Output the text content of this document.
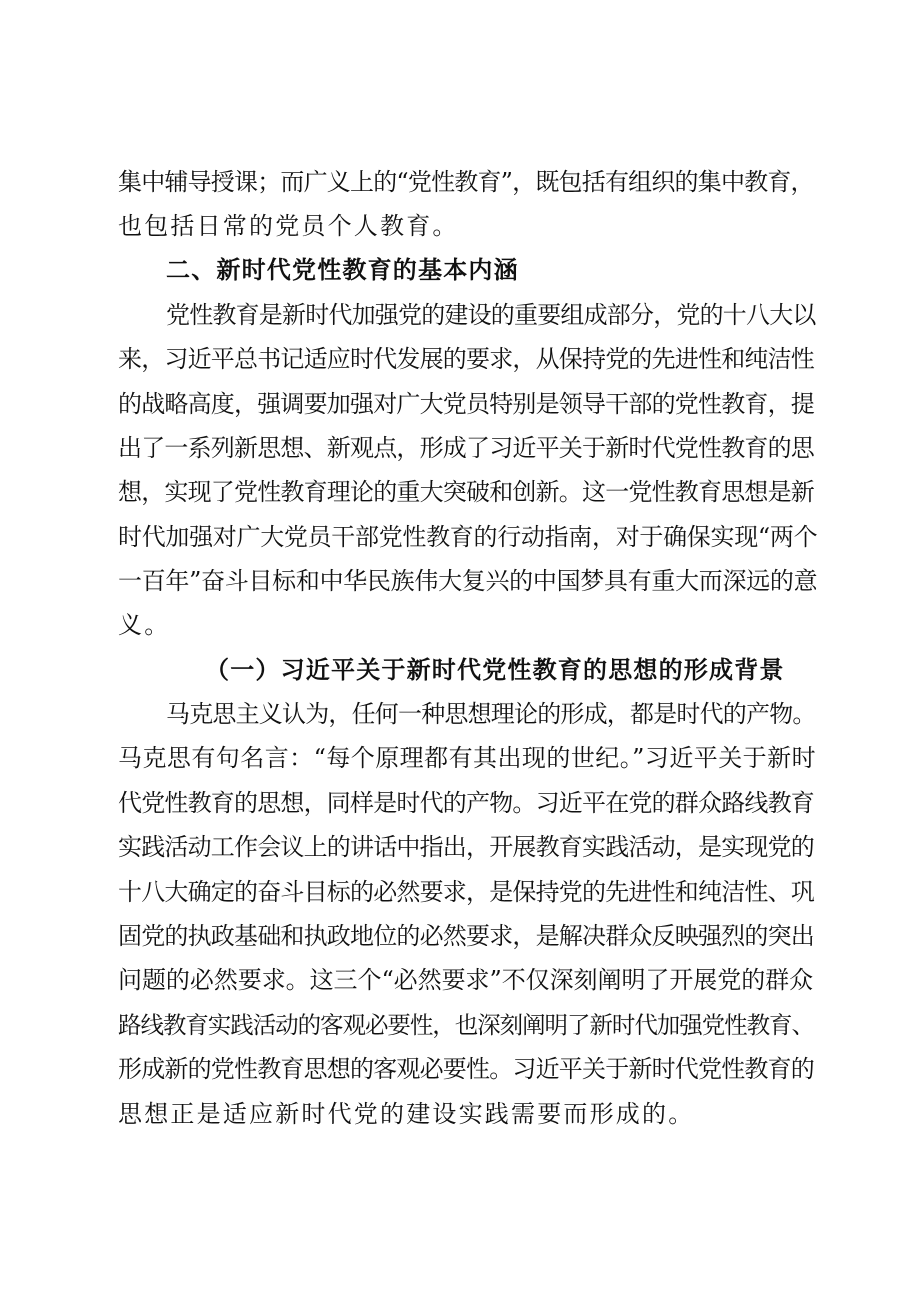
集中辅导授课；而广义上的“党性教育”，既包括有组织的集中教育，
也包括日常的党员个人教育。
二、新时代党性教育的基本内涵
党性教育是新时代加强党的建设的重要组成部分，党的十八大以
来，习近平总书记适应时代发展的要求，从保持党的先进性和纯洁性
的战略高度，强调要加强对广大党员特别是领导干部的党性教育，提
出了一系列新思想、新观点，形成了习近平关于新时代党性教育的思
想，实现了党性教育理论的重大突破和创新。这一党性教育思想是新
时代加强对广大党员干部党性教育的行动指南，对于确保实现“两个
一百年”奋斗目标和中华民族伟大复兴的中国梦具有重大而深远的意
义。
（一）习近平关于新时代党性教育的思想的形成背景
马克思主义认为，任何一种思想理论的形成，都是时代的产物。
马克思有句名言：“每个原理都有其出现的世纪。”习近平关于新时
代党性教育的思想，同样是时代的产物。习近平在党的群众路线教育
实践活动工作会议上的讲话中指出，开展教育实践活动，是实现党的
十八大确定的奋斗目标的必然要求，是保持党的先进性和纯洁性、巩
固党的执政基础和执政地位的必然要求，是解决群众反映强烈的突出
问题的必然要求。这三个“必然要求”不仅深刻阐明了开展党的群众
路线教育实践活动的客观必要性，也深刻阐明了新时代加强党性教育、
形成新的党性教育思想的客观必要性。习近平关于新时代党性教育的
思想正是适应新时代党的建设实践需要而形成的。
